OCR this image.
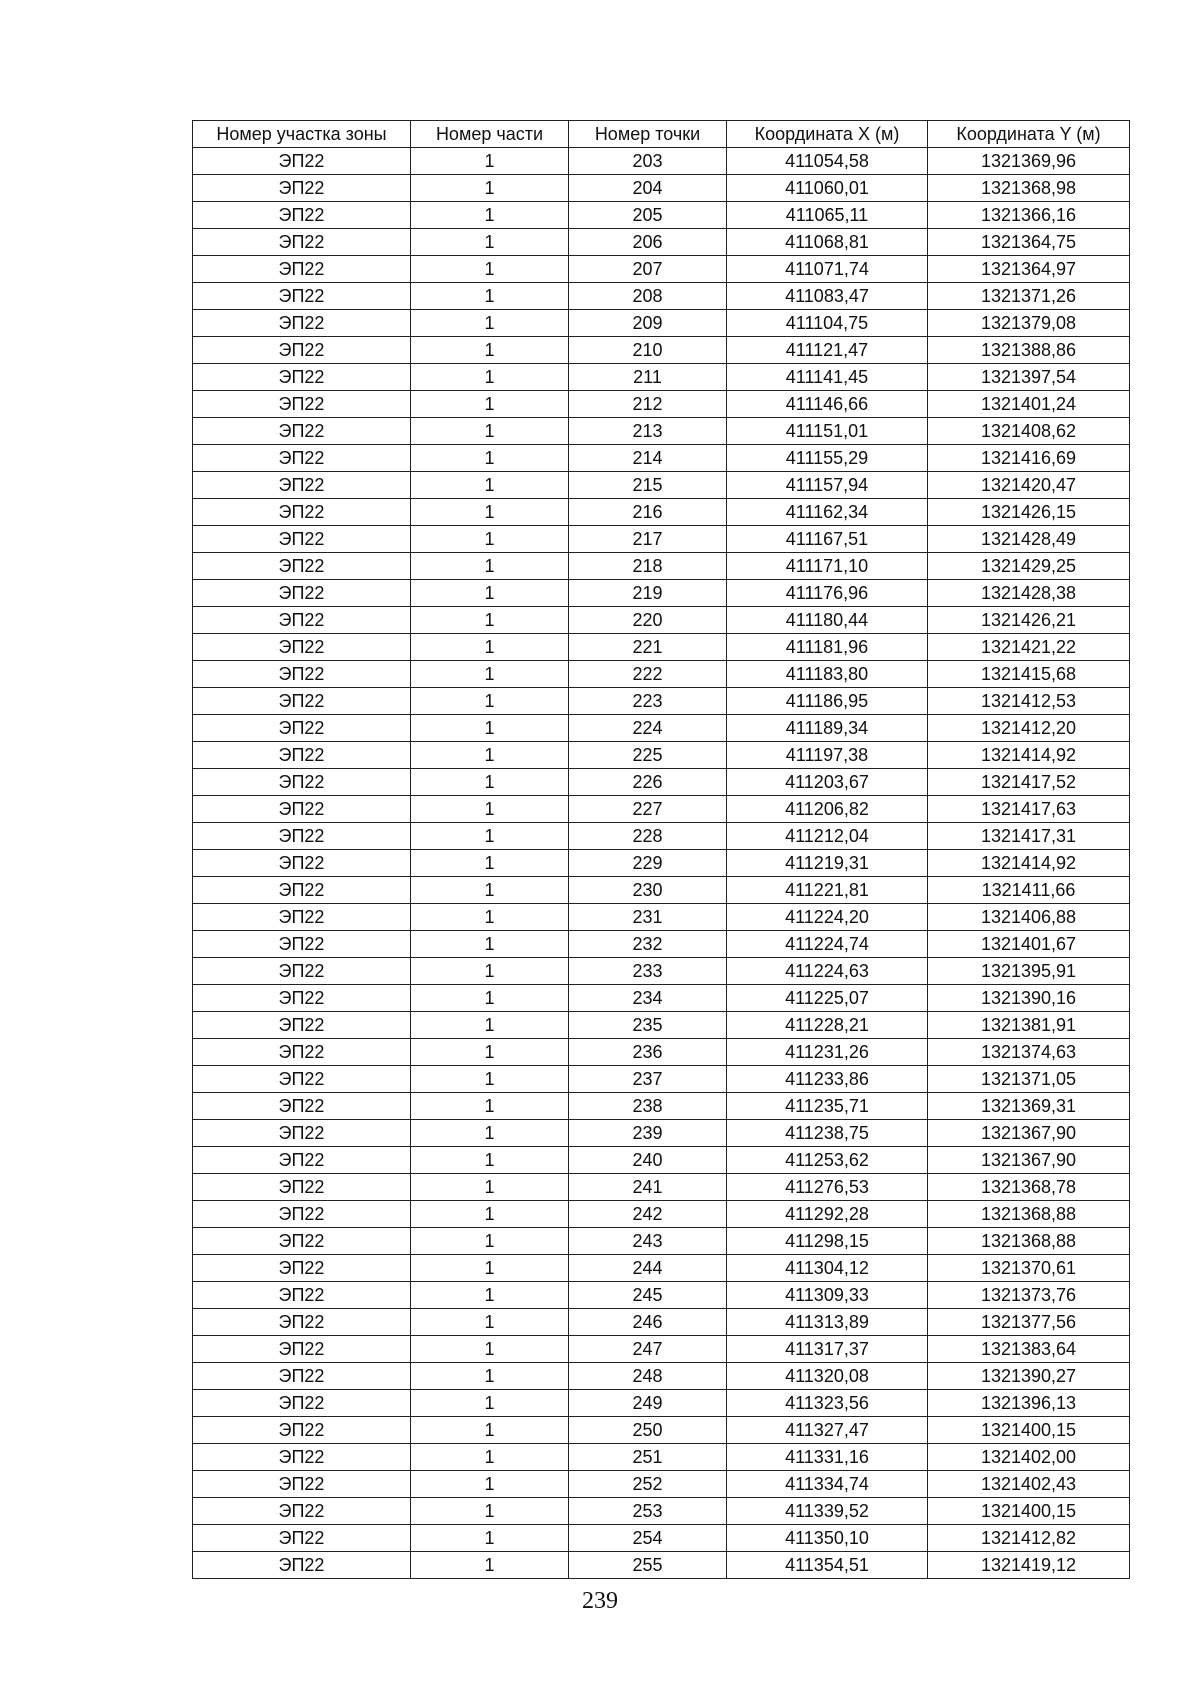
Номер участка зоны	Номер части	Номер точки	Координата X (м)	Координата Y (м)
ЭП22	1	203	411054,58	1321369,96
ЭП22	1	204	411060,01	1321368,98
ЭП22	1	205	411065,11	1321366,16
ЭП22	1	206	411068,81	1321364,75
ЭП22	1	207	411071,74	1321364,97
ЭП22	1	208	411083,47	1321371,26
ЭП22	1	209	411104,75	1321379,08
ЭП22	1	210	411121,47	1321388,86
ЭП22	1	211	411141,45	1321397,54
ЭП22	1	212	411146,66	1321401,24
ЭП22	1	213	411151,01	1321408,62
ЭП22	1	214	411155,29	1321416,69
ЭП22	1	215	411157,94	1321420,47
ЭП22	1	216	411162,34	1321426,15
ЭП22	1	217	411167,51	1321428,49
ЭП22	1	218	411171,10	1321429,25
ЭП22	1	219	411176,96	1321428,38
ЭП22	1	220	411180,44	1321426,21
ЭП22	1	221	411181,96	1321421,22
ЭП22	1	222	411183,80	1321415,68
ЭП22	1	223	411186,95	1321412,53
ЭП22	1	224	411189,34	1321412,20
ЭП22	1	225	411197,38	1321414,92
ЭП22	1	226	411203,67	1321417,52
ЭП22	1	227	411206,82	1321417,63
ЭП22	1	228	411212,04	1321417,31
ЭП22	1	229	411219,31	1321414,92
ЭП22	1	230	411221,81	1321411,66
ЭП22	1	231	411224,20	1321406,88
ЭП22	1	232	411224,74	1321401,67
ЭП22	1	233	411224,63	1321395,91
ЭП22	1	234	411225,07	1321390,16
ЭП22	1	235	411228,21	1321381,91
ЭП22	1	236	411231,26	1321374,63
ЭП22	1	237	411233,86	1321371,05
ЭП22	1	238	411235,71	1321369,31
ЭП22	1	239	411238,75	1321367,90
ЭП22	1	240	411253,62	1321367,90
ЭП22	1	241	411276,53	1321368,78
ЭП22	1	242	411292,28	1321368,88
ЭП22	1	243	411298,15	1321368,88
ЭП22	1	244	411304,12	1321370,61
ЭП22	1	245	411309,33	1321373,76
ЭП22	1	246	411313,89	1321377,56
ЭП22	1	247	411317,37	1321383,64
ЭП22	1	248	411320,08	1321390,27
ЭП22	1	249	411323,56	1321396,13
ЭП22	1	250	411327,47	1321400,15
ЭП22	1	251	411331,16	1321402,00
ЭП22	1	252	411334,74	1321402,43
ЭП22	1	253	411339,52	1321400,15
ЭП22	1	254	411350,10	1321412,82
ЭП22	1	255	411354,51	1321419,12
239
